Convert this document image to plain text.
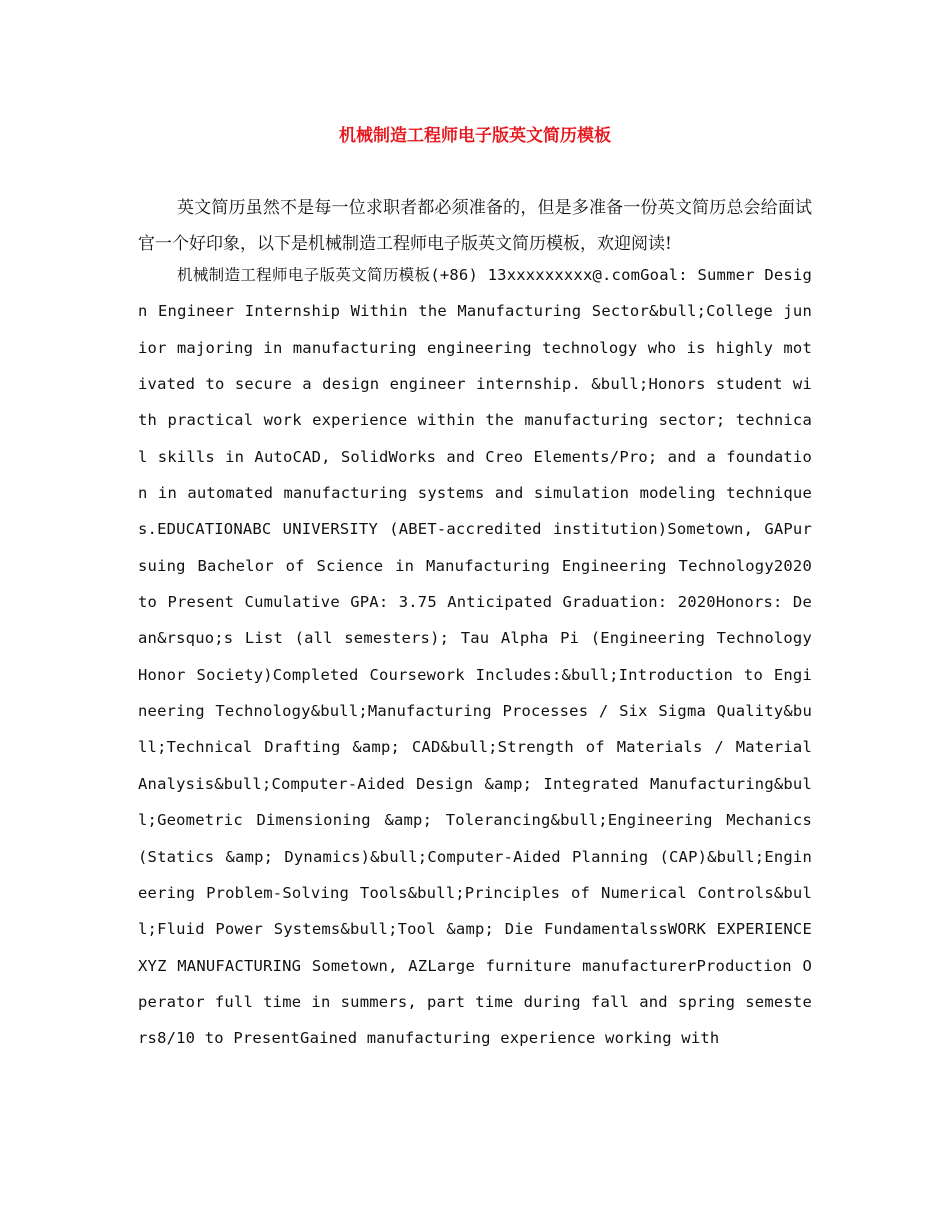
机械制造工程师电子版英文简历模板

英文简历虽然不是每一位求职者都必须准备的，但是多准备一份英文简历总会给面试官一个好印象，以下是机械制造工程师电子版英文简历模板，欢迎阅读!

机械制造工程师电子版英文简历模板(+86) 13xxxxxxxxx@.comGoal: Summer Design Engineer Internship Within the Manufacturing Sector&bull;College junior majoring in manufacturing engineering technology who is highly motivated to secure a design engineer internship. &bull;Honors student with practical work experience within the manufacturing sector; technical skills in AutoCAD, SolidWorks and Creo Elements/Pro; and a foundation in automated manufacturing systems and simulation modeling techniques.EDUCATIONABC UNIVERSITY (ABET-accredited institution)Sometown, GAPursuing Bachelor of Science in Manufacturing Engineering Technology2020 to Present Cumulative GPA: 3.75 Anticipated Graduation: 2020Honors: Dean&rsquo;s List (all semesters); Tau Alpha Pi (Engineering Technology Honor Society)Completed Coursework Includes:&bull;Introduction to Engineering Technology&bull;Manufacturing Processes / Six Sigma Quality&bull;Technical Drafting &amp; CAD&bull;Strength of Materials / Material Analysis&bull;Computer-Aided Design &amp; Integrated Manufacturing&bull;Geometric Dimensioning &amp; Tolerancing&bull;Engineering Mechanics (Statics &amp; Dynamics)&bull;Computer-Aided Planning (CAP)&bull;Engineering Problem-Solving Tools&bull;Principles of Numerical Controls&bull;Fluid Power Systems&bull;Tool &amp; Die FundamentalssWORK EXPERIENCEXYZ MANUFACTURING Sometown, AZLarge furniture manufacturerProduction Operator full time in summers, part time during fall and spring semesters8/10 to PresentGained manufacturing experience working with
